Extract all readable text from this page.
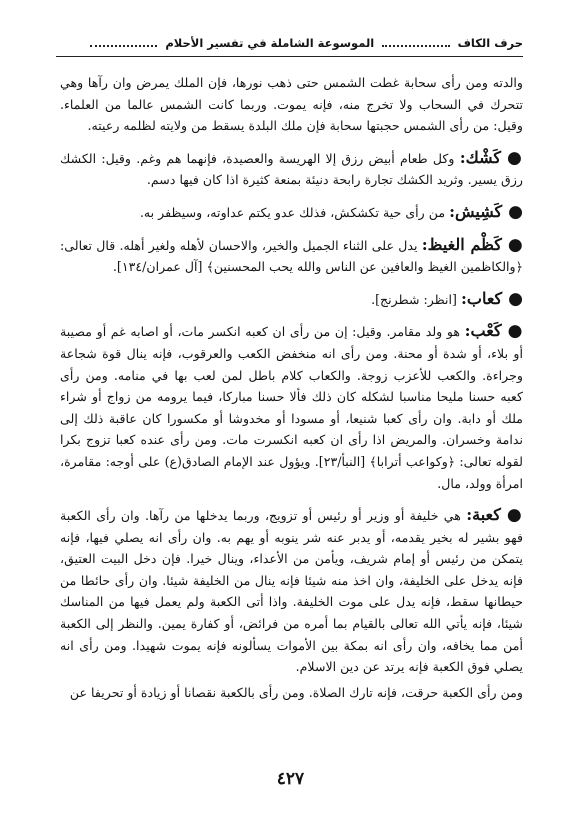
حرف الكاف
الموسوعة الشاملة في تفسير الأحلام

والدته ومن رأى سحابة غطت الشمس حتى ذهب نورها، فإن الملك يمرض وان رآها وهي تتحرك في السحاب ولا تخرج منه، فإنه يموت. وربما كانت الشمس عالما من العلماء. وقيل: من رأى الشمس حجبتها سحابة فإن ملك البلدة يسقط من ولايته لظلمه رعيته.

●كَشْك: وكل طعام أبيض رزق إلا الهريسة والعصيدة، فإنهما هم وغم. وقيل: الكشك رزق يسير. وثريد الكشك تجارة رابحة دنيئة بمنعة كثيرة اذا كان فيها دسم.

●كَشِيش: من رأى حية تكشكش، فذلك عدو يكتم عداوته، وسيظفر به.

●كَظْم الغيظ: يدل على الثناء الجميل والخير، والاحسان لأهله ولغير أهله. قال تعالى: ﴿والكاظمين الغيظ والعافين عن الناس والله يحب المحسنين﴾ [آل عمران/١٣٤].

●كعاب: [انظر: شطرنج].

●كَعْب: هو ولد مقامر. وقيل: إن من رأى ان كعبه انكسر مات، أو اصابه غم أو مصيبة أو بلاء، أو شدة أو محنة. ومن رأى انه منخفض الكعب والعرقوب، فإنه ينال قوة شجاعة وجراءة. والكعب للأعزب زوجة. والكعاب كلام باطل لمن لعب بها في منامه. ومن رأى كعبه حسنا مليحا مناسبا لشكله كان ذلك فألا حسنا مباركا، فيما يرومه من زواج أو شراء ملك أو دابة. وان رأى كعبا شنيعا، أو مسودا أو مخدوشا أو مكسورا كان عاقبة ذلك إلى ندامة وخسران. والمريض اذا رأى ان كعبه انكسرت مات. ومن رأى عنده كعبا تزوج بكرا لقوله تعالى: ﴿وكواعب أترابا﴾ [النبأ/٢٣]. ويؤول عند الإمام الصادق(ع) على أوجه: مقامرة، امرأة وولد، مال.

●كعبة: هي خليفة أو وزير أو رئيس أو تزويج، وربما يدخلها من رآها. وان رأى الكعبة فهو بشير له بخير يقدمه، أو يدبر عنه شر ينوبه أو يهم به. وان رأى انه يصلي فيها، فإنه يتمكن من رئيس أو إمام شريف، ويأمن من الأعداء، وينال خيرا. فإن دخل البيت العتيق، فإنه يدخل على الخليفة، وان اخذ منه شيئا فإنه ينال من الخليفة شيئا. وان رأى حائطا من حيطانها سقط، فإنه يدل على موت الخليفة. واذا أتى الكعبة ولم يعمل فيها من المناسك شيئا، فإنه يأتي الله تعالى بالقيام بما أمره من فرائض، أو كفارة يمين. والنظر إلى الكعبة أمن مما يخافه، وان رأى انه بمكة بين الأموات يسألونه فإنه يموت شهيدا. ومن رأى انه يصلي فوق الكعبة فإنه يرتد عن دين الاسلام.

ومن رأى الكعبة حرقت، فإنه تارك الصلاة. ومن رأى بالكعبة نقصانا أو زيادة أو تحريفا عن

٤٢٧
